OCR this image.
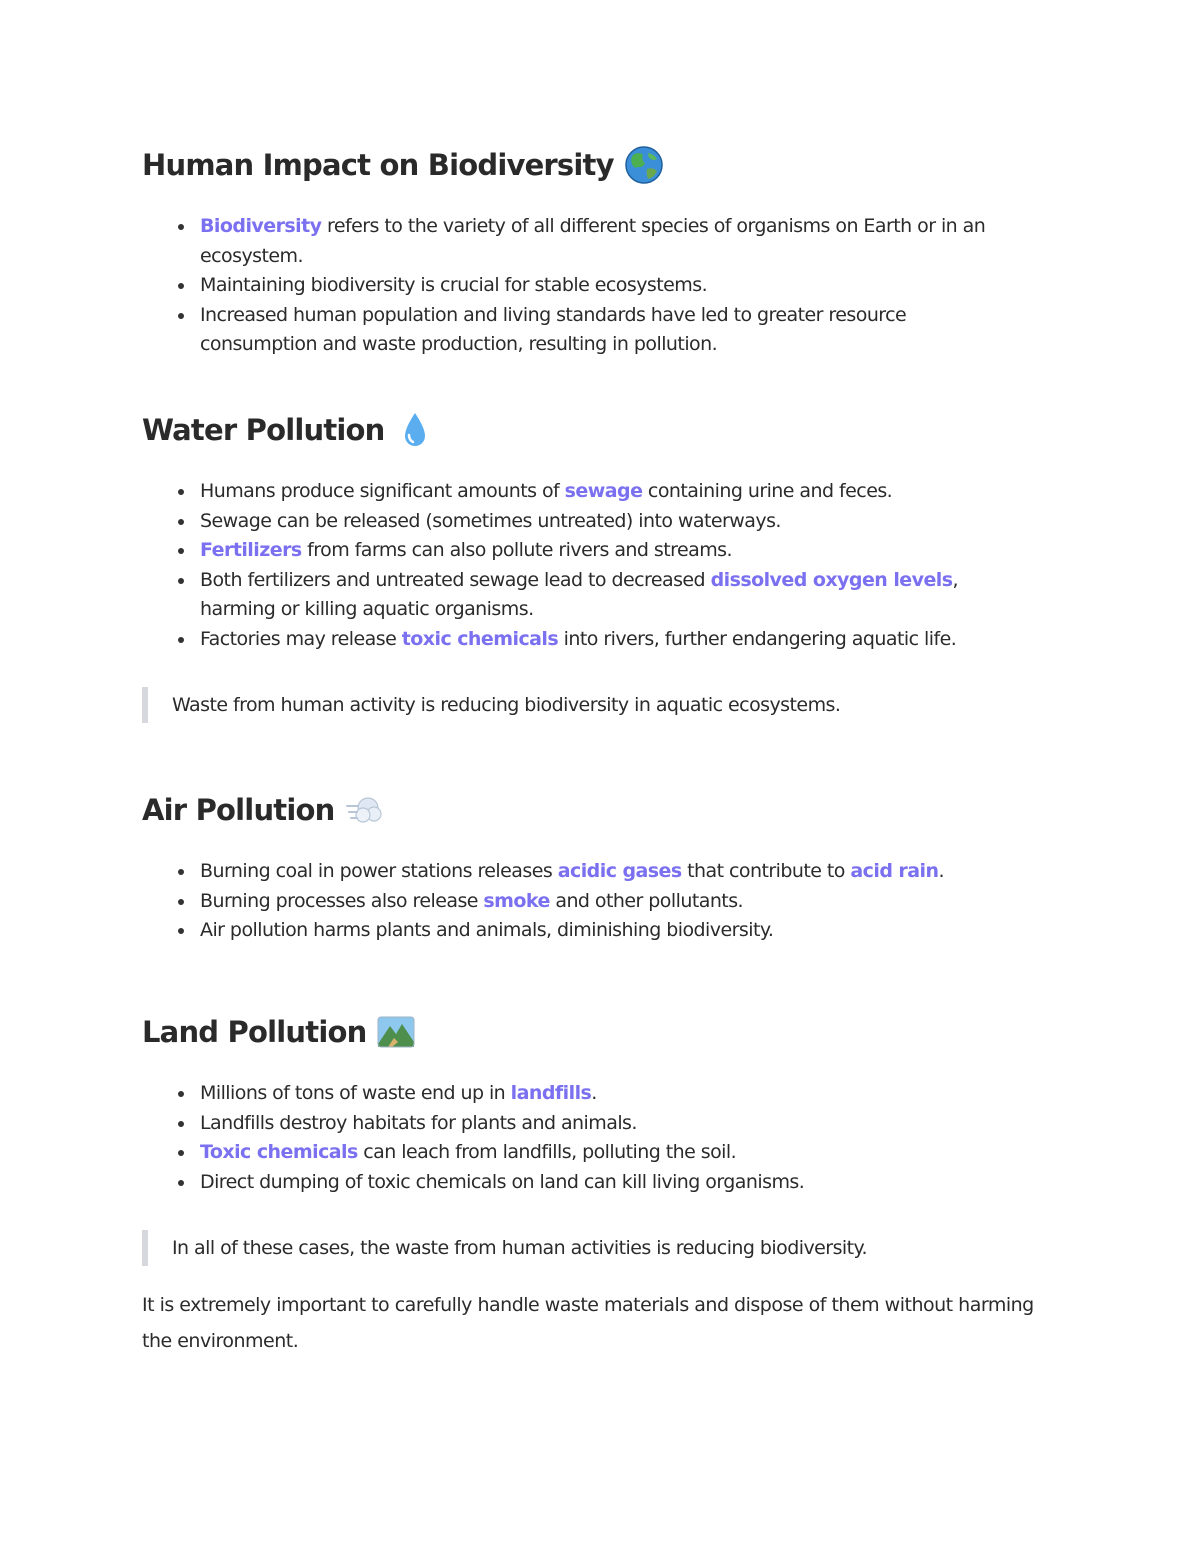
Human Impact on Biodiversity
Biodiversity refers to the variety of all different species of organisms on Earth or in an ecosystem.
Maintaining biodiversity is crucial for stable ecosystems.
Increased human population and living standards have led to greater resource consumption and waste production, resulting in pollution.
Water Pollution
Humans produce significant amounts of sewage containing urine and feces.
Sewage can be released (sometimes untreated) into waterways.
Fertilizers from farms can also pollute rivers and streams.
Both fertilizers and untreated sewage lead to decreased dissolved oxygen levels, harming or killing aquatic organisms.
Factories may release toxic chemicals into rivers, further endangering aquatic life.
Waste from human activity is reducing biodiversity in aquatic ecosystems.
Air Pollution
Burning coal in power stations releases acidic gases that contribute to acid rain.
Burning processes also release smoke and other pollutants.
Air pollution harms plants and animals, diminishing biodiversity.
Land Pollution
Millions of tons of waste end up in landfills.
Landfills destroy habitats for plants and animals.
Toxic chemicals can leach from landfills, polluting the soil.
Direct dumping of toxic chemicals on land can kill living organisms.
In all of these cases, the waste from human activities is reducing biodiversity.

It is extremely important to carefully handle waste materials and dispose of them without harming the environment.
